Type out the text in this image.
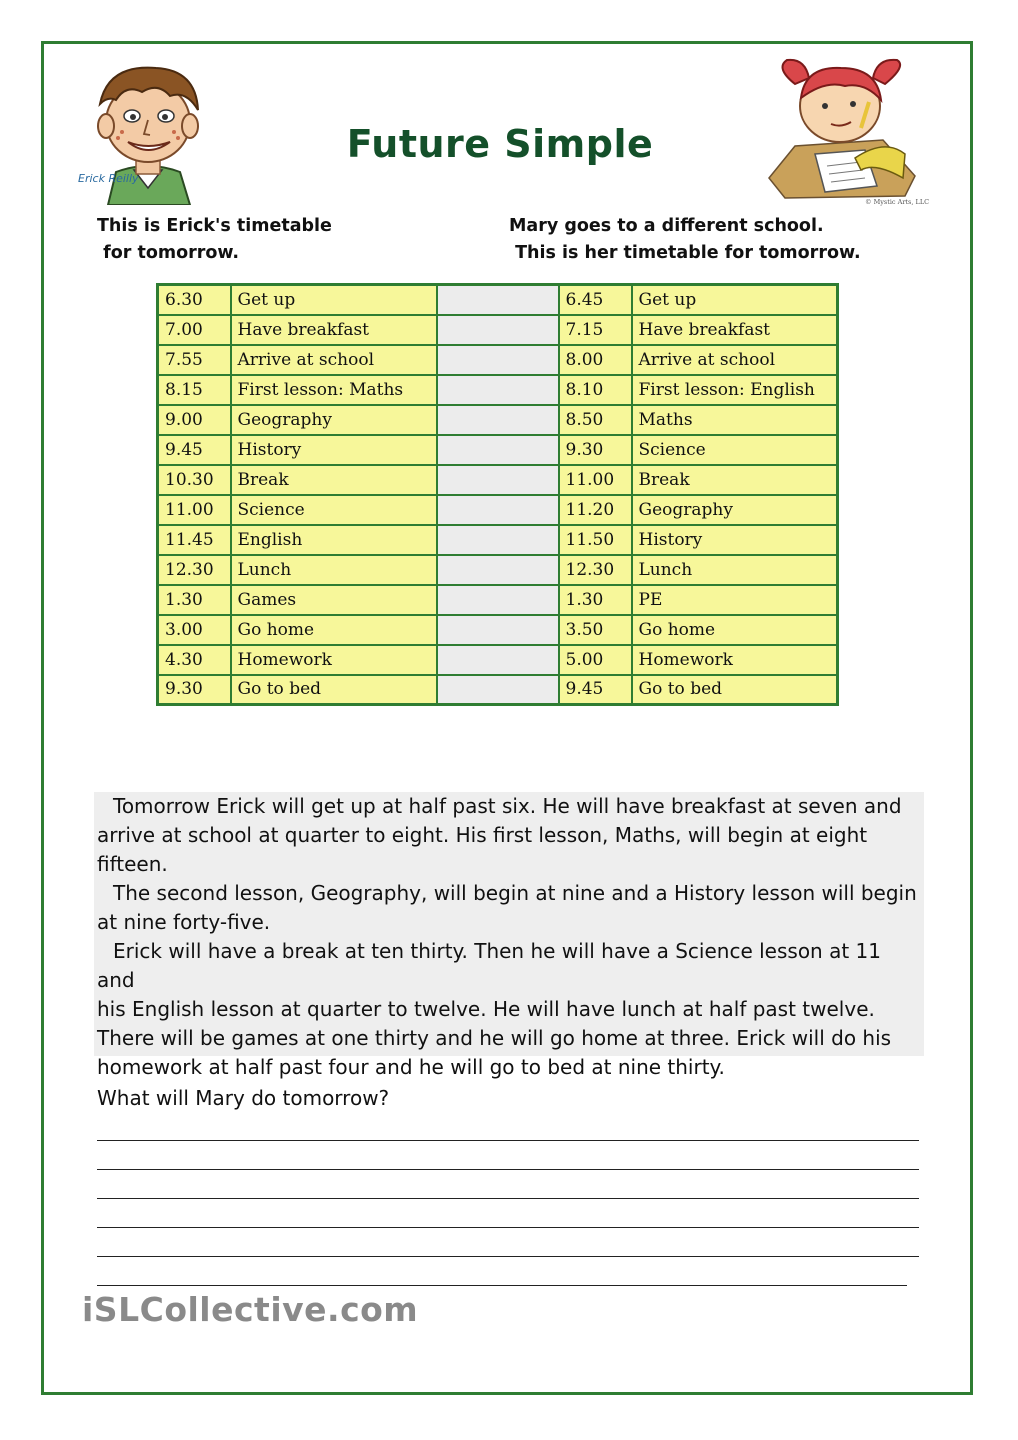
Erick Reilly
© Mystic Arts, LLC
Future Simple
This is Erick's timetable
for tomorrow.
Mary goes to a different school.
This is her timetable for tomorrow.
6.30	Get up		6.45	Get up
7.00	Have breakfast		7.15	Have breakfast
7.55	Arrive at school		8.00	Arrive at school
8.15	First lesson: Maths		8.10	First lesson: English
9.00	Geography		8.50	Maths
9.45	History		9.30	Science
10.30	Break		11.00	Break
11.00	Science		11.20	Geography
11.45	English		11.50	History
12.30	Lunch		12.30	Lunch
1.30	Games		1.30	PE
3.00	Go home		3.50	Go home
4.30	Homework		5.00	Homework
9.30	Go to bed		9.45	Go to bed

Tomorrow Erick will get up at half past six. He will have breakfast at seven and

arrive at school at quarter to eight. His first lesson, Maths, will begin at eight

fifteen.

The second lesson, Geography, will begin at nine and a History lesson will begin

at nine forty-five.

Erick will have a break at ten thirty. Then he will have a Science lesson at 11 and

his English lesson at quarter to twelve. He will have lunch at half past twelve.

There will be games at one thirty and he will go home at three. Erick will do his

homework at half past four and he will go to bed at nine thirty.

What will Mary do tomorrow?
iSLCollective.com
